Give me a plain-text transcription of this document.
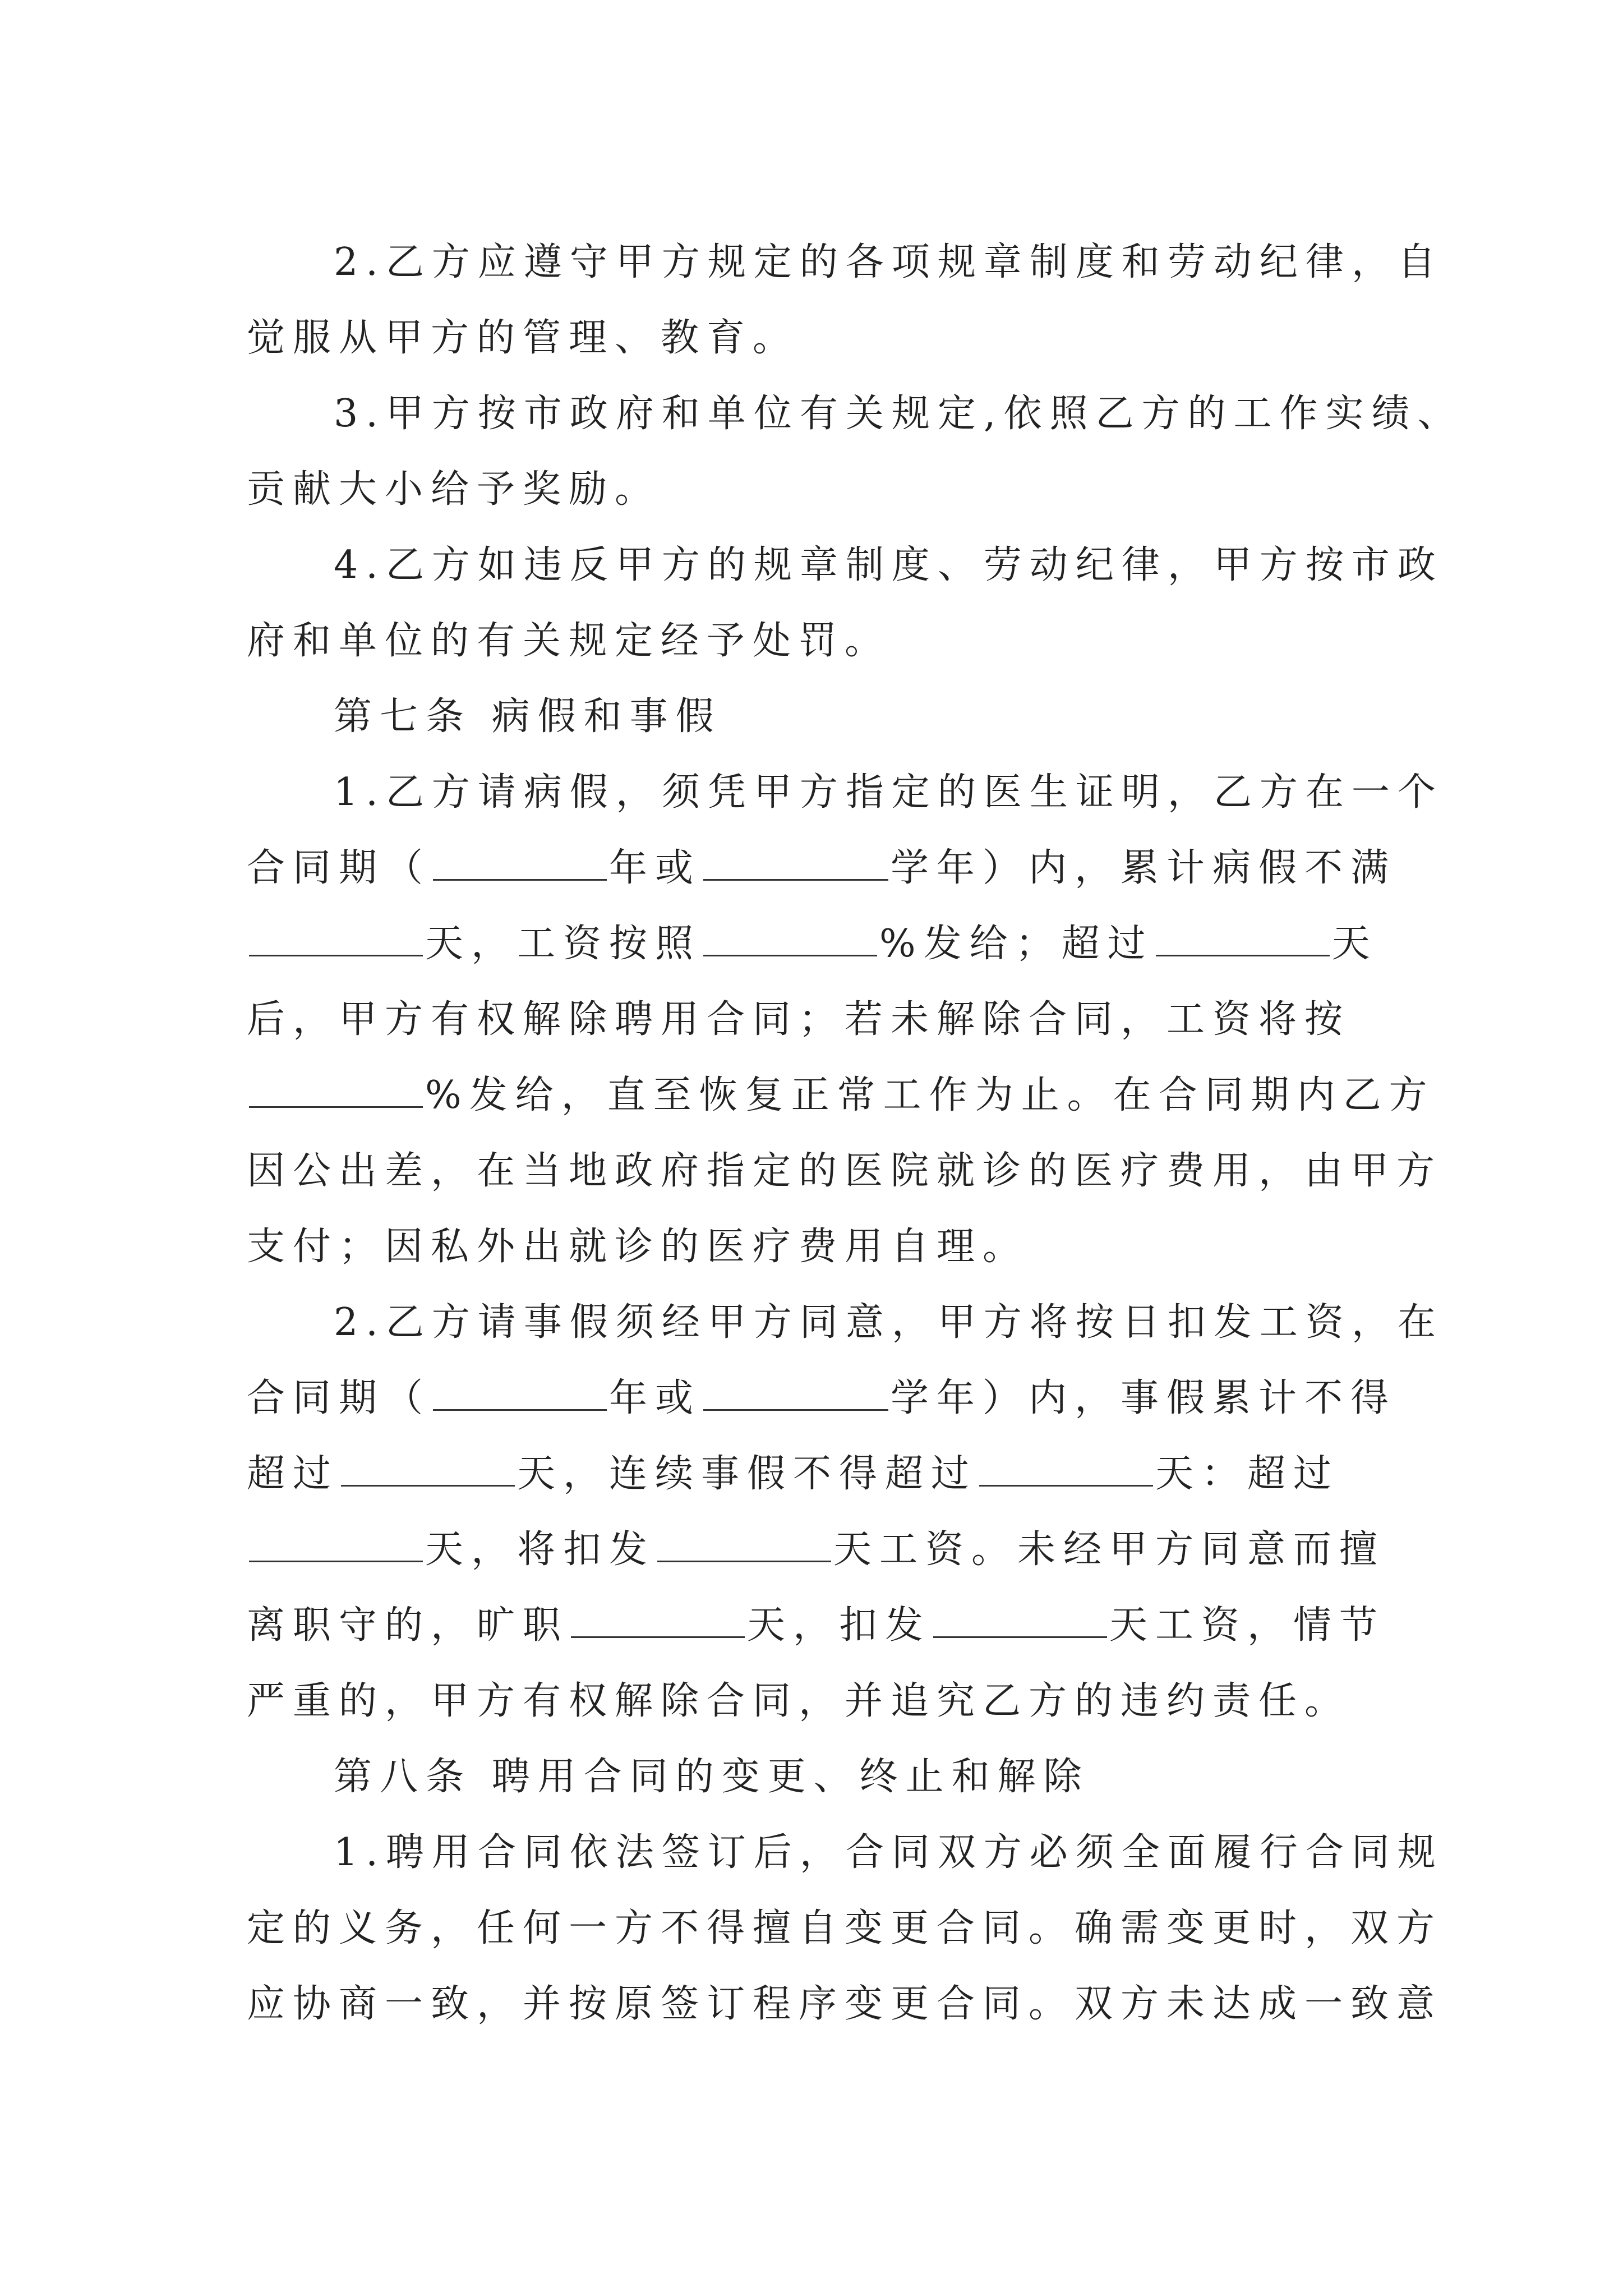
2.乙方应遵守甲方规定的各项规章制度和劳动纪律，自
觉服从甲方的管理、教育。
3.甲方按市政府和单位有关规定,依照乙方的工作实绩、
贡献大小给予奖励。
4.乙方如违反甲方的规章制度、劳动纪律，甲方按市政
府和单位的有关规定经予处罚。
第七条 病假和事假
1.乙方请病假，须凭甲方指定的医生证明，乙方在一个
合同期（	年或	学年）内，累计病假不满
天，工资按照	%发给；超过	天
后，甲方有权解除聘用合同；若未解除合同，工资将按
%发给，直至恢复正常工作为止。在合同期内乙方
因公出差，在当地政府指定的医院就诊的医疗费用，由甲方
支付；因私外出就诊的医疗费用自理。
2.乙方请事假须经甲方同意，甲方将按日扣发工资，在
合同期（	年或	学年）内，事假累计不得
超过	天，连续事假不得超过	天：超过
天，将扣发	天工资。未经甲方同意而擅
离职守的，旷职	天，扣发	天工资，情节
严重的，甲方有权解除合同，并追究乙方的违约责任。
第八条 聘用合同的变更、终止和解除
1.聘用合同依法签订后，合同双方必须全面履行合同规
定的义务，任何一方不得擅自变更合同。确需变更时，双方
应协商一致，并按原签订程序变更合同。双方未达成一致意
